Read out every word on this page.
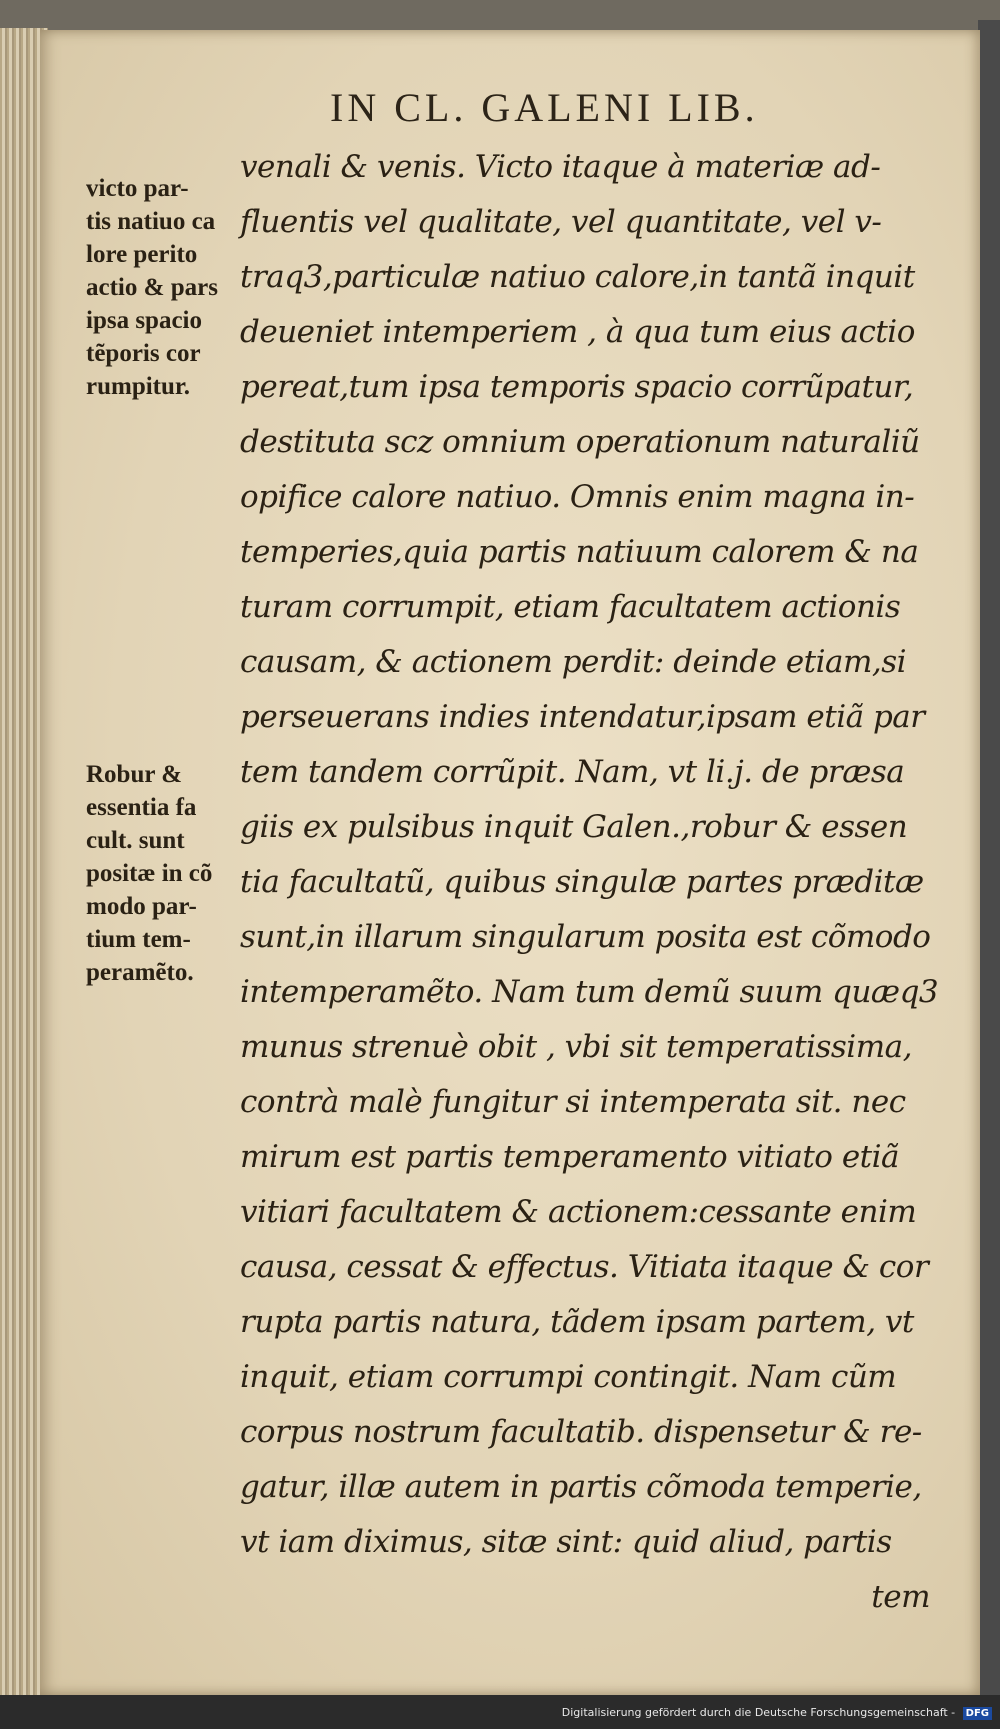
IN CL. GALENI LIB.
victo par-
tis natiuo ca
lore perito
actio & pars
ipsa spacio
tẽporis cor
rumpitur.
Robur &
essentia fa
cult. sunt
positæ in cõ
modo par-
tium tem-
peramẽto.
venali & venis. Victo itaque à materiæ ad-
fluentis vel qualitate, vel quantitate, vel v-
traq3,particulæ natiuo calore,in tantã inquit
deueniet intemperiem , à qua tum eius actio
pereat,tum ipsa temporis spacio corrũpatur,
destituta scz omnium operationum naturaliũ
opifice calore natiuo. Omnis enim magna in-
temperies,quia partis natiuum calorem & na
turam corrumpit, etiam facultatem actionis
causam, & actionem perdit: deinde etiam,si
perseuerans indies intendatur,ipsam etiã par
tem tandem corrũpit. Nam, vt li.j. de præsa
giis ex pulsibus inquit Galen.,robur & essen
tia facultatũ, quibus singulæ partes præditæ
sunt,in illarum singularum posita est cõmodo
intemperamẽto. Nam tum demũ suum quæq3
munus strenuè obit , vbi sit temperatissima,
contrà malè fungitur si intemperata sit. nec
mirum est partis temperamento vitiato etiã
vitiari facultatem & actionem:cessante enim
causa, cessat & effectus. Vitiata itaque & cor
rupta partis natura, tãdem ipsam partem, vt
inquit, etiam corrumpi contingit. Nam cũm
corpus nostrum facultatib. dispensetur & re-
gatur, illæ autem in partis cõmoda temperie,
vt iam diximus, sitæ sint: quid aliud, partis
tem
Digitalisierung gefördert durch die Deutsche Forschungsgemeinschaft - DFG
